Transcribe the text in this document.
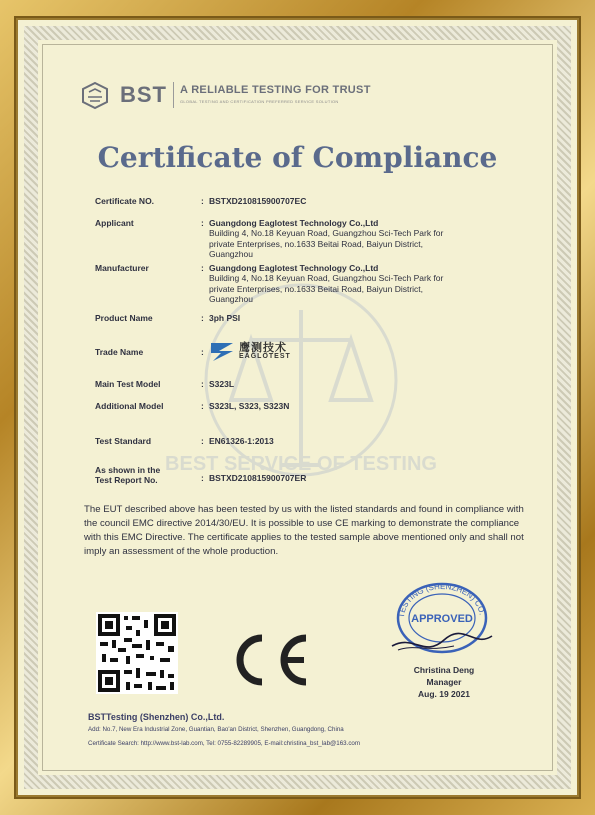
BST A RELIABLE TESTING FOR TRUST
GLOBAL TESTING AND CERTIFICATION PREFERRED SERVICE SOLUTION
Certificate of Compliance
BEST SERVICE OF TESTING
Certificate NO.	: BSTXD210815900707EC
Applicant	: Guangdong Eaglotest Technology Co.,Ltd
Building 4, No.18 Keyuan Road, Guangzhou Sci-Tech Park for
private Enterprises, no.1633 Beitai Road, Baiyun District,
Guangzhou
Manufacturer	: Guangdong Eaglotest Technology Co.,Ltd
Building 4, No.18 Keyuan Road, Guangzhou Sci-Tech Park for
private Enterprises, no.1633 Beitai Road, Baiyun District,
Guangzhou
Product Name	: 3ph PSI
Trade Name	:	鹰测技术
EAGLOTEST
Main Test Model	: S323L
Additional Model	: S323L, S323, S323N
Test Standard	: EN61326-1:2013
As shown in the
Test Report No.	: BSTXD210815900707ER
The EUT described above has been tested by us with the listed standards and found in compliance with the council EMC directive 2014/30/EU. It is possible to use CE marking to demonstrate the compliance with this EMC Directive. The certificate applies to the tested sample above mentioned only and shall not imply an assessment of the whole production.
TESTING (SHENZHEN) CO.
APPROVED
Christina Deng
Manager
Aug. 19 2021
BSTTesting (Shenzhen) Co.,Ltd.
Add: No.7, New Era Industrial Zone, Guantian, Bao'an District, Shenzhen, Guangdong, China
Certificate Search: http://www.bst-lab.com, Tel: 0755-82289905, E-mail:christina_bst_lab@163.com
